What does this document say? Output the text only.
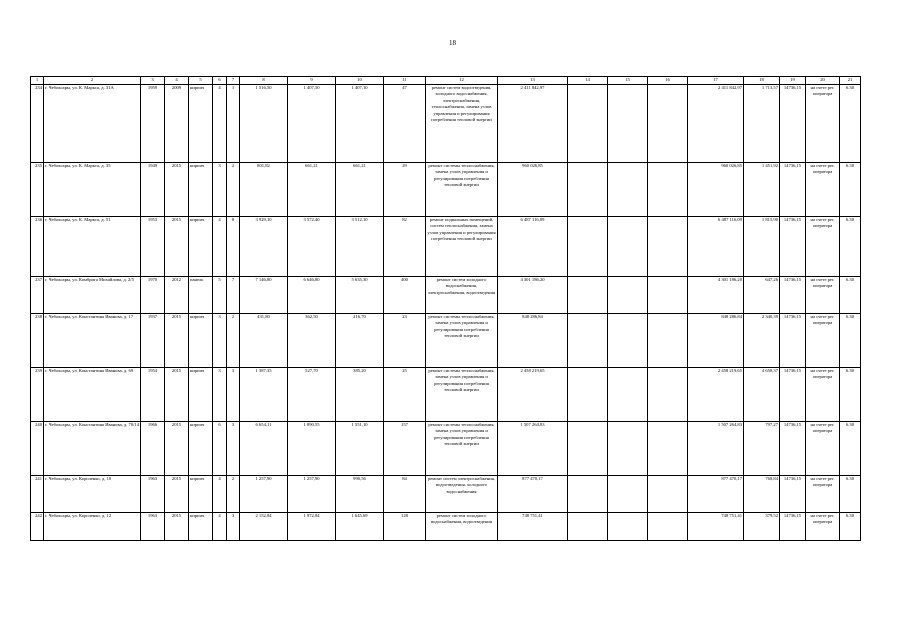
18
1	2	3	4	5	6	7	8	9	10	11	12	13	14	15	16	17	18	19	20	21
234	г. Чебоксары, ул. К. Маркса, д. 31А	1959	2009	кирпич	4	1	1 516,50	1 407,50	1 407,10	47	ремонт систем водоотведения, холодного водоснабжения, электроснабжения, теплоснабжения, замена узлов управления и регулирования потребления тепловой энергии	2 411 842,97				2 411 842,97	1 713,57	14736,15	на счете рег. оператора	6.30
235	г. Чебоксары, ул. К. Маркса, д. 35	1949	2015	кирпич	3	2	801,82	661,21	661,21	29	ремонт системы теплоснабжения, замена узлов управления и регулирования потребления тепловой энергии	960 026,85				960 026,85	1 451,92	14736,15	на счете рег. оператора	6.30
236	г. Чебоксары, ул. К. Маркса, д. 51	1953	2015	кирпич	4	8	3 929,10	3 572,40	3 512,10	82	ремонт подвальных помещений, систем теплоснабжения, замена узлов управления и регулирования потребления тепловой энергии	6 487 116,09				6 487 116,09	1 815,90	14736,15	на счете рег. оператора	6.30
237	г. Чебоксары, ул. Комбрига Михайлова, д. 2/5	1970	2012	панель	5	7	7 146,80	6 646,80	5 635,30	400	ремонт систем холодного водоснабжения, электроснабжения, водоотведения	4 301 186,20				4 301 186,20	647,26	14736,15	на счете рег. оператора	6.30
238	г. Чебоксары, ул. Константина Иванова, д. 17	1937	2015	кирпич	3	2	431,80	362,50	216,70	23	ремонт системы теплоснабжения, замена узлов управления и регулирования потребления тепловой энергии	848 286,84				848 286,84	2 340,39	14736,15	на счете рег. оператора	6.30
239	г. Чебоксары, ул. Константина Иванова, д. 69	1954	2015	кирпич	3	3	1 387,35	527,70	385,20	25	ремонт системы теплоснабжения, замена узлов управления и регулирования потребления тепловой энергии	2 458 219,65				2 458 219,65	4 658,37	14736,15	на счете рег. оператора	6.30
240	г. Чебоксары, ул. Константина Иванова, д. 70/14	1966	2015	кирпич	6	3	6 654,11	1 890,55	1 551,10	157	ремонт системы теплоснабжения, замена узлов управления и регулирования потребления тепловой энергии	1 507 264,83				1 507 264,83	797,27	14736,15	на счете рег. оператора	6.30
241	г. Чебоксары, ул. Короленко, д. 10	1963	2015	кирпич	4	2	1 257,90	1 257,90	990,56	84	ремонт систем электроснабжения, водоотведения, холодного водоснабжения	877 470,17				877 470,17	768,84	14736,15	на счете рег. оператора	6.30
242	г. Чебоксары, ул. Короленко, д. 12	1963	2015	кирпич	4	3	2 152,84	1 972,84	1 645,69	128	ремонт систем холодного водоснабжения, водоотведения	748 751,41				748 751,41	379,52	14736,15	на счете рег. оператора	6.30
